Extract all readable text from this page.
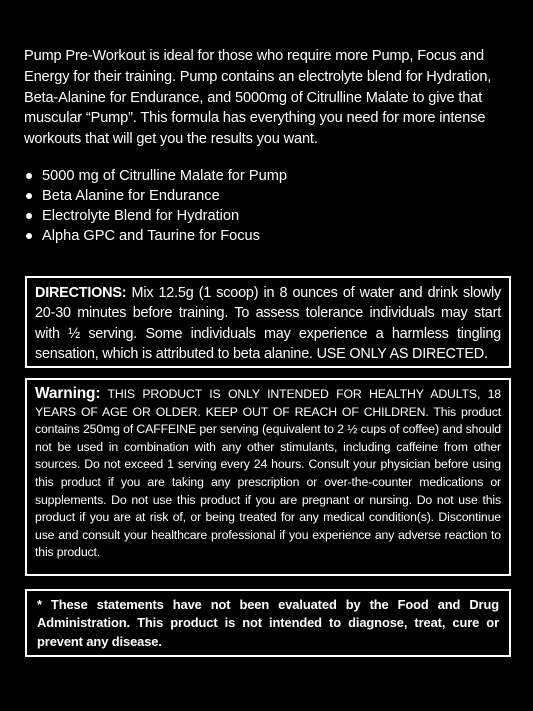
Pump Pre-Workout is ideal for those who require more Pump, Focus and Energy for their training. Pump contains an electrolyte blend for Hydration, Beta-Alanine for Endurance, and 5000mg of Citrulline Malate to give that muscular “Pump”. This formula has everything you need for more intense workouts that will get you the results you want.

5000 mg of Citrulline Malate for Pump
Beta Alanine for Endurance
Electrolyte Blend for Hydration
Alpha GPC and Taurine for Focus
DIRECTIONS: Mix 12.5g (1 scoop) in 8 ounces of water and drink slowly 20-30 minutes before training. To assess tolerance individuals may start with ½ serving. Some individuals may experience a harmless tingling sensation, which is attributed to beta alanine. USE ONLY AS DIRECTED.
Warning: THIS PRODUCT IS ONLY INTENDED FOR HEALTHY ADULTS, 18 YEARS OF AGE OR OLDER. KEEP OUT OF REACH OF CHILDREN. This product contains 250mg of CAFFEINE per serving (equivalent to 2 ½ cups of coffee) and should not be used in combination with any other stimulants, including caffeine from other sources. Do not exceed 1 serving every 24 hours. Consult your physician before using this product if you are taking any prescription or over-the-counter medications or supplements. Do not use this product if you are pregnant or nursing. Do not use this product if you are at risk of, or being treated for any medical condition(s). Discontinue use and consult your healthcare professional if you experience any adverse reaction to this product.
* These statements have not been evaluated by the Food and Drug Administration. This product is not intended to diagnose, treat, cure or prevent any disease.
